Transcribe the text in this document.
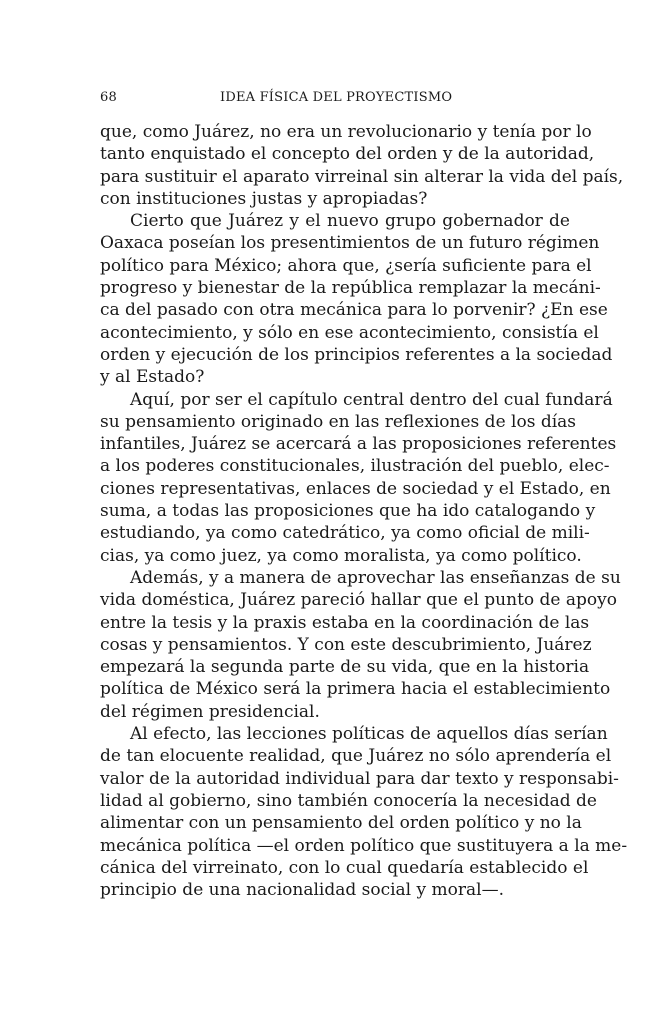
68	IDEA FÍSICA DEL PROYECTISMO
que, como Juárez, no era un revolucionario y tenía por lo
tanto enquistado el concepto del orden y de la autoridad,
para sustituir el aparato virreinal sin alterar la vida del país,
con instituciones justas y apropiadas?
Cierto que Juárez y el nuevo grupo gobernador de
Oaxaca poseían los presentimientos de un futuro régimen
político para México; ahora que, ¿sería suficiente para el
progreso y bienestar de la república remplazar la mecáni-
ca del pasado con otra mecánica para lo porvenir? ¿En ese
acontecimiento, y sólo en ese acontecimiento, consistía el
orden y ejecución de los principios referentes a la sociedad
y al Estado?
Aquí, por ser el capítulo central dentro del cual fundará
su pensamiento originado en las reflexiones de los días
infantiles, Juárez se acercará a las proposiciones referentes
a los poderes constitucionales, ilustración del pueblo, elec-
ciones representativas, enlaces de sociedad y el Estado, en
suma, a todas las proposiciones que ha ido catalogando y
estudiando, ya como catedrático, ya como oficial de mili-
cias, ya como juez, ya como moralista, ya como político.
Además, y a manera de aprovechar las enseñanzas de su
vida doméstica, Juárez pareció hallar que el punto de apoyo
entre la tesis y la praxis estaba en la coordinación de las
cosas y pensamientos. Y con este descubrimiento, Juárez
empezará la segunda parte de su vida, que en la historia
política de México será la primera hacia el establecimiento
del régimen presidencial.
Al efecto, las lecciones políticas de aquellos días serían
de tan elocuente realidad, que Juárez no sólo aprendería el
valor de la autoridad individual para dar texto y responsabi-
lidad al gobierno, sino también conocería la necesidad de
alimentar con un pensamiento del orden político y no la
mecánica política —el orden político que sustituyera a la me-
cánica del virreinato, con lo cual quedaría establecido el
principio de una nacionalidad social y moral—.
